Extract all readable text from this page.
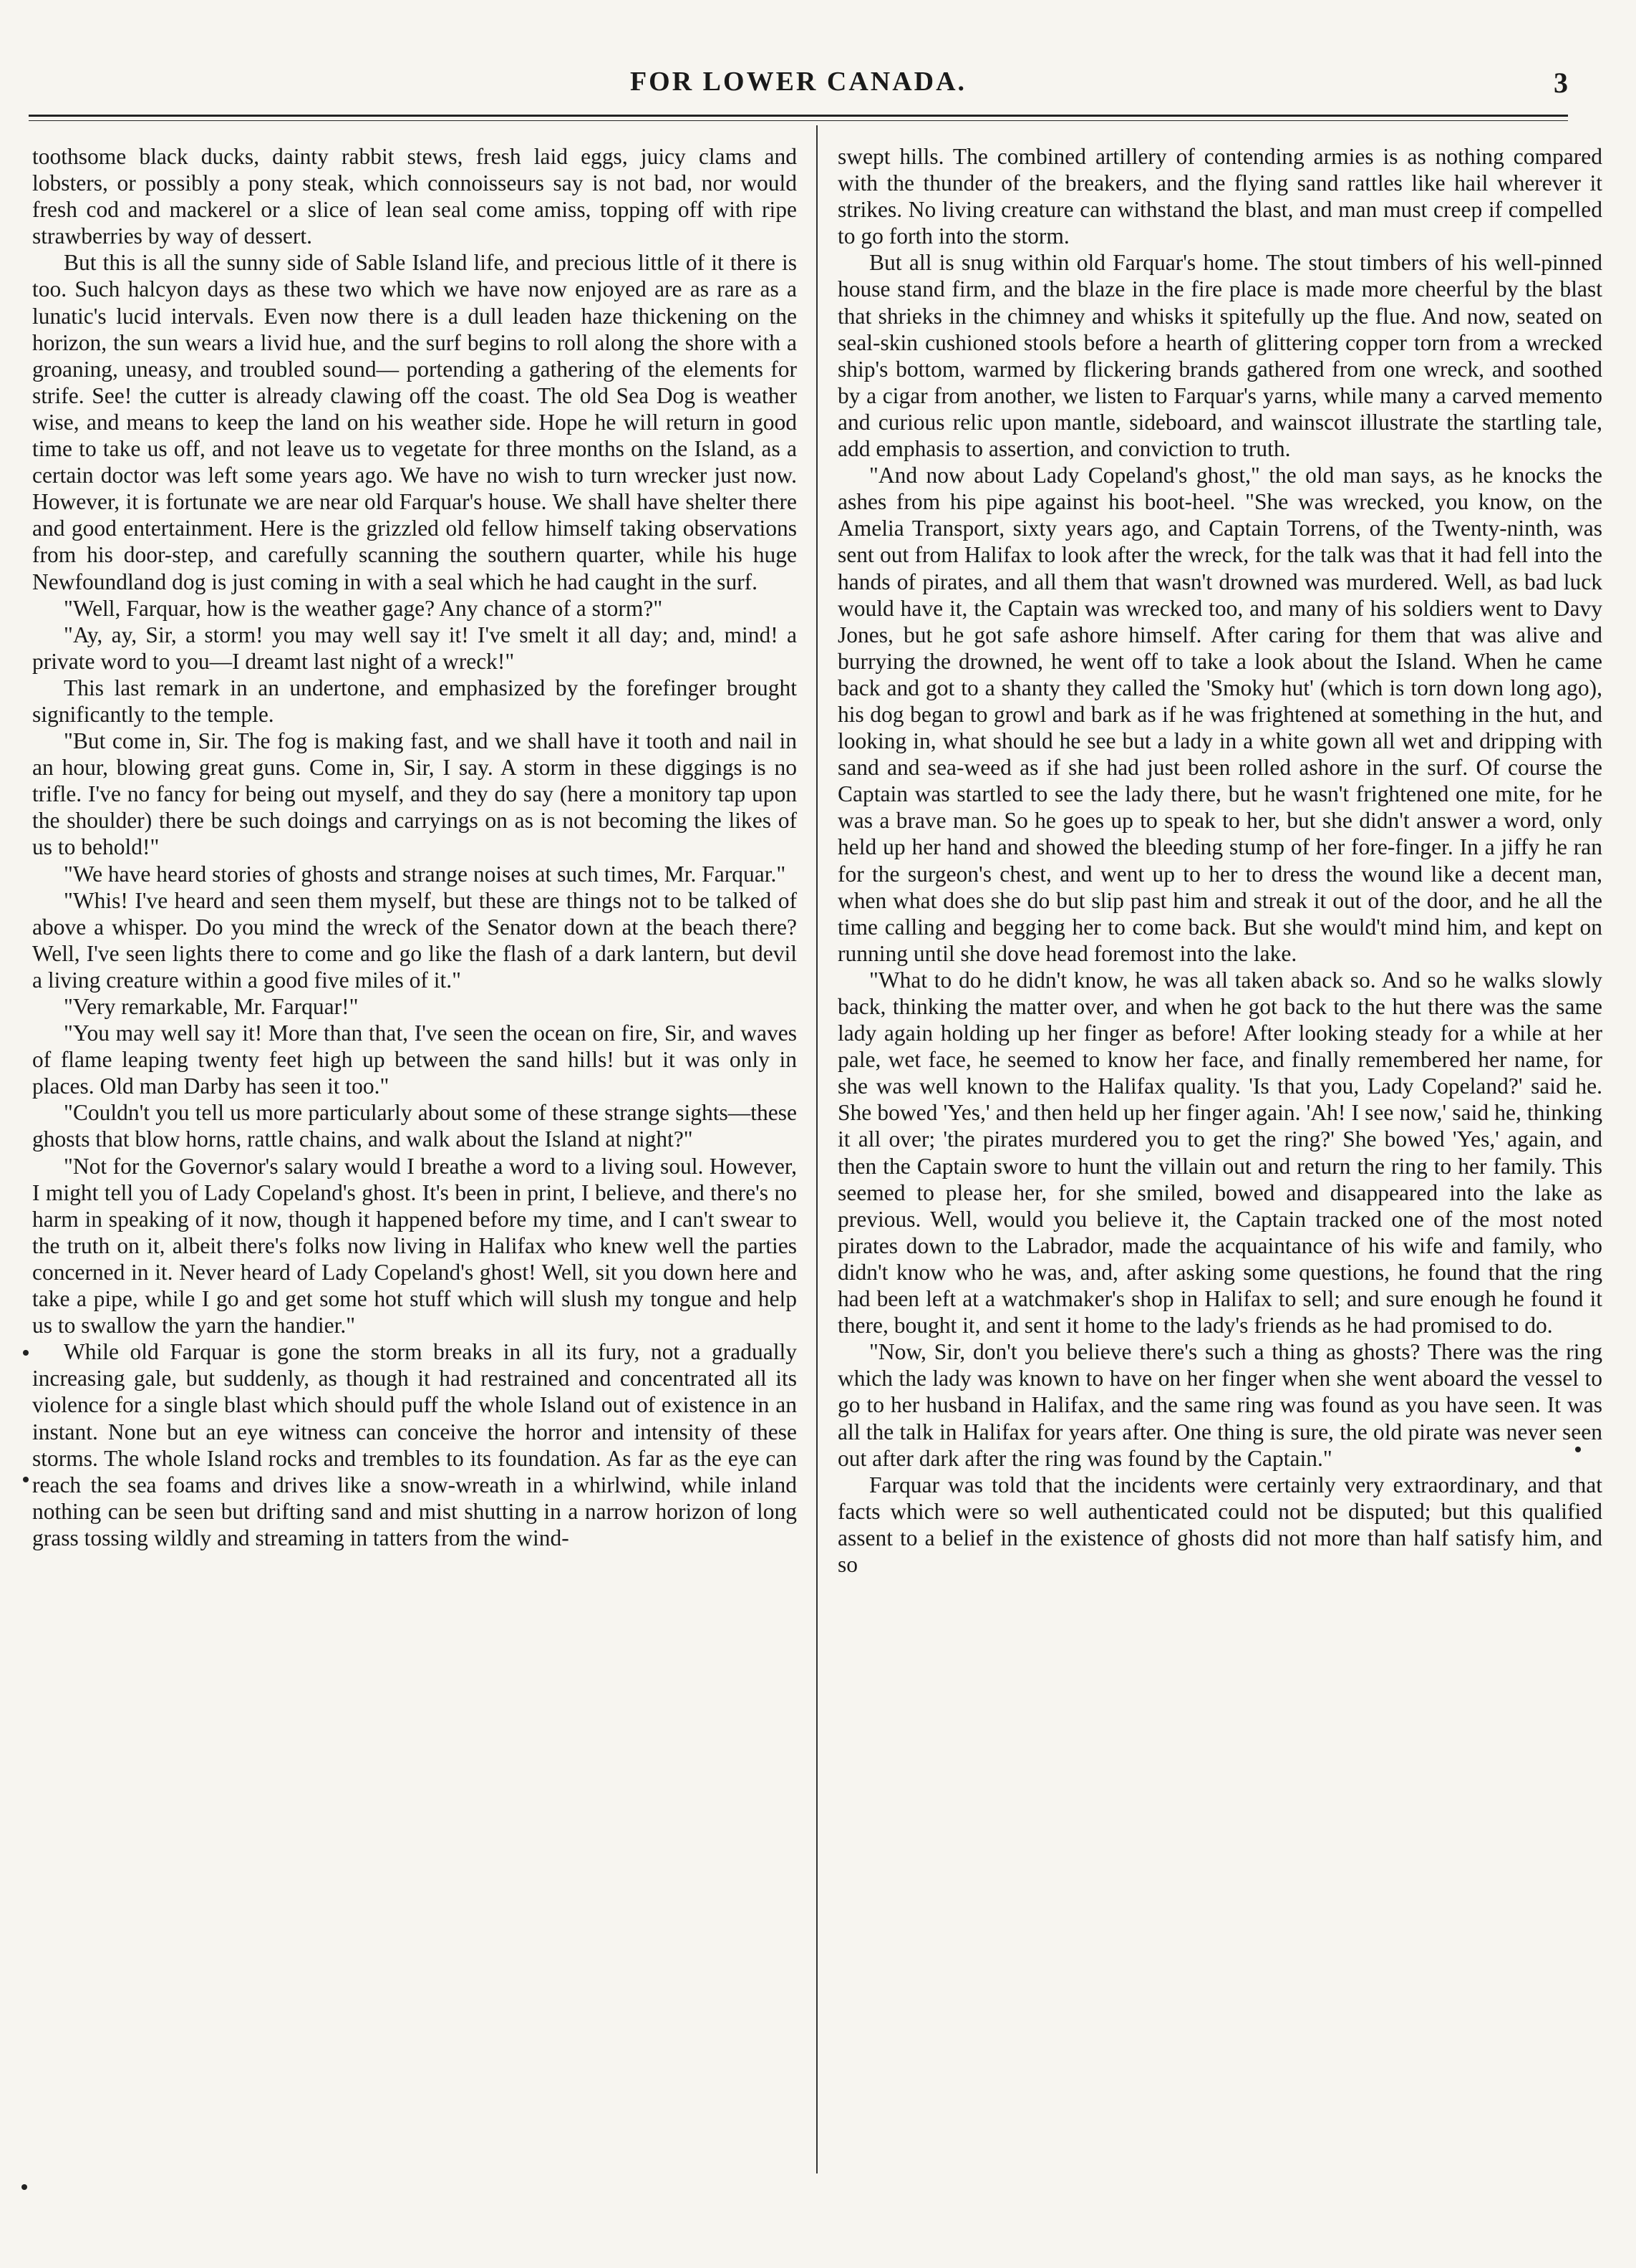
FOR LOWER CANADA.	3

toothsome black ducks, dainty rabbit stews, fresh laid eggs, juicy clams and lobsters, or possibly a pony steak, which connoisseurs say is not bad, nor would fresh cod and mackerel or a slice of lean seal come amiss, topping off with ripe strawberries by way of dessert.

But this is all the sunny side of Sable Island life, and precious little of it there is too. Such halcyon days as these two which we have now enjoyed are as rare as a lunatic's lucid intervals. Even now there is a dull leaden haze thickening on the horizon, the sun wears a livid hue, and the surf begins to roll along the shore with a groaning, uneasy, and troubled sound— portending a gathering of the elements for strife. See! the cutter is already clawing off the coast. The old Sea Dog is weather wise, and means to keep the land on his weather side. Hope he will return in good time to take us off, and not leave us to vegetate for three months on the Island, as a certain doctor was left some years ago. We have no wish to turn wrecker just now. However, it is fortunate we are near old Farquar's house. We shall have shelter there and good entertainment. Here is the grizzled old fellow himself taking observations from his door-step, and carefully scanning the southern quarter, while his huge Newfoundland dog is just coming in with a seal which he had caught in the surf.

"Well, Farquar, how is the weather gage? Any chance of a storm?"

"Ay, ay, Sir, a storm! you may well say it! I've smelt it all day; and, mind! a private word to you—I dreamt last night of a wreck!"

This last remark in an undertone, and emphasized by the forefinger brought significantly to the temple.

"But come in, Sir. The fog is making fast, and we shall have it tooth and nail in an hour, blowing great guns. Come in, Sir, I say. A storm in these diggings is no trifle. I've no fancy for being out myself, and they do say (here a monitory tap upon the shoulder) there be such doings and carryings on as is not becoming the likes of us to behold!"

"We have heard stories of ghosts and strange noises at such times, Mr. Farquar."

"Whis! I've heard and seen them myself, but these are things not to be talked of above a whisper. Do you mind the wreck of the Senator down at the beach there? Well, I've seen lights there to come and go like the flash of a dark lantern, but devil a living creature within a good five miles of it."

"Very remarkable, Mr. Farquar!"

"You may well say it! More than that, I've seen the ocean on fire, Sir, and waves of flame leaping twenty feet high up between the sand hills! but it was only in places. Old man Darby has seen it too."

"Couldn't you tell us more particularly about some of these strange sights—these ghosts that blow horns, rattle chains, and walk about the Island at night?"

"Not for the Governor's salary would I breathe a word to a living soul. However, I might tell you of Lady Copeland's ghost. It's been in print, I believe, and there's no harm in speaking of it now, though it happened before my time, and I can't swear to the truth on it, albeit there's folks now living in Halifax who knew well the parties concerned in it. Never heard of Lady Copeland's ghost! Well, sit you down here and take a pipe, while I go and get some hot stuff which will slush my tongue and help us to swallow the yarn the handier."

While old Farquar is gone the storm breaks in all its fury, not a gradually increasing gale, but suddenly, as though it had restrained and concentrated all its violence for a single blast which should puff the whole Island out of existence in an instant. None but an eye witness can conceive the horror and intensity of these storms. The whole Island rocks and trembles to its foundation. As far as the eye can reach the sea foams and drives like a snow-wreath in a whirlwind, while inland nothing can be seen but drifting sand and mist shutting in a narrow horizon of long grass tossing wildly and streaming in tatters from the wind-

swept hills. The combined artillery of contending armies is as nothing compared with the thunder of the breakers, and the flying sand rattles like hail wherever it strikes. No living creature can withstand the blast, and man must creep if compelled to go forth into the storm.

But all is snug within old Farquar's home. The stout timbers of his well-pinned house stand firm, and the blaze in the fire place is made more cheerful by the blast that shrieks in the chimney and whisks it spitefully up the flue. And now, seated on seal-skin cushioned stools before a hearth of glittering copper torn from a wrecked ship's bottom, warmed by flickering brands gathered from one wreck, and soothed by a cigar from another, we listen to Farquar's yarns, while many a carved memento and curious relic upon mantle, sideboard, and wainscot illustrate the startling tale, add emphasis to assertion, and conviction to truth.

"And now about Lady Copeland's ghost," the old man says, as he knocks the ashes from his pipe against his boot-heel. "She was wrecked, you know, on the Amelia Transport, sixty years ago, and Captain Torrens, of the Twenty-ninth, was sent out from Halifax to look after the wreck, for the talk was that it had fell into the hands of pirates, and all them that wasn't drowned was murdered. Well, as bad luck would have it, the Captain was wrecked too, and many of his soldiers went to Davy Jones, but he got safe ashore himself. After caring for them that was alive and burrying the drowned, he went off to take a look about the Island. When he came back and got to a shanty they called the 'Smoky hut' (which is torn down long ago), his dog began to growl and bark as if he was frightened at something in the hut, and looking in, what should he see but a lady in a white gown all wet and dripping with sand and sea-weed as if she had just been rolled ashore in the surf. Of course the Captain was startled to see the lady there, but he wasn't frightened one mite, for he was a brave man. So he goes up to speak to her, but she didn't answer a word, only held up her hand and showed the bleeding stump of her fore-finger. In a jiffy he ran for the surgeon's chest, and went up to her to dress the wound like a decent man, when what does she do but slip past him and streak it out of the door, and he all the time calling and begging her to come back. But she would't mind him, and kept on running until she dove head foremost into the lake.

"What to do he didn't know, he was all taken aback so. And so he walks slowly back, thinking the matter over, and when he got back to the hut there was the same lady again holding up her finger as before! After looking steady for a while at her pale, wet face, he seemed to know her face, and finally remembered her name, for she was well known to the Halifax quality. 'Is that you, Lady Copeland?' said he. She bowed 'Yes,' and then held up her finger again. 'Ah! I see now,' said he, thinking it all over; 'the pirates murdered you to get the ring?' She bowed 'Yes,' again, and then the Captain swore to hunt the villain out and return the ring to her family. This seemed to please her, for she smiled, bowed and disappeared into the lake as previous. Well, would you believe it, the Captain tracked one of the most noted pirates down to the Labrador, made the acquaintance of his wife and family, who didn't know who he was, and, after asking some questions, he found that the ring had been left at a watchmaker's shop in Halifax to sell; and sure enough he found it there, bought it, and sent it home to the lady's friends as he had promised to do.

"Now, Sir, don't you believe there's such a thing as ghosts? There was the ring which the lady was known to have on her finger when she went aboard the vessel to go to her husband in Halifax, and the same ring was found as you have seen. It was all the talk in Halifax for years after. One thing is sure, the old pirate was never seen out after dark after the ring was found by the Captain."

Farquar was told that the incidents were certainly very extraordinary, and that facts which were so well authenticated could not be disputed; but this qualified assent to a belief in the existence of ghosts did not more than half satisfy him, and so
